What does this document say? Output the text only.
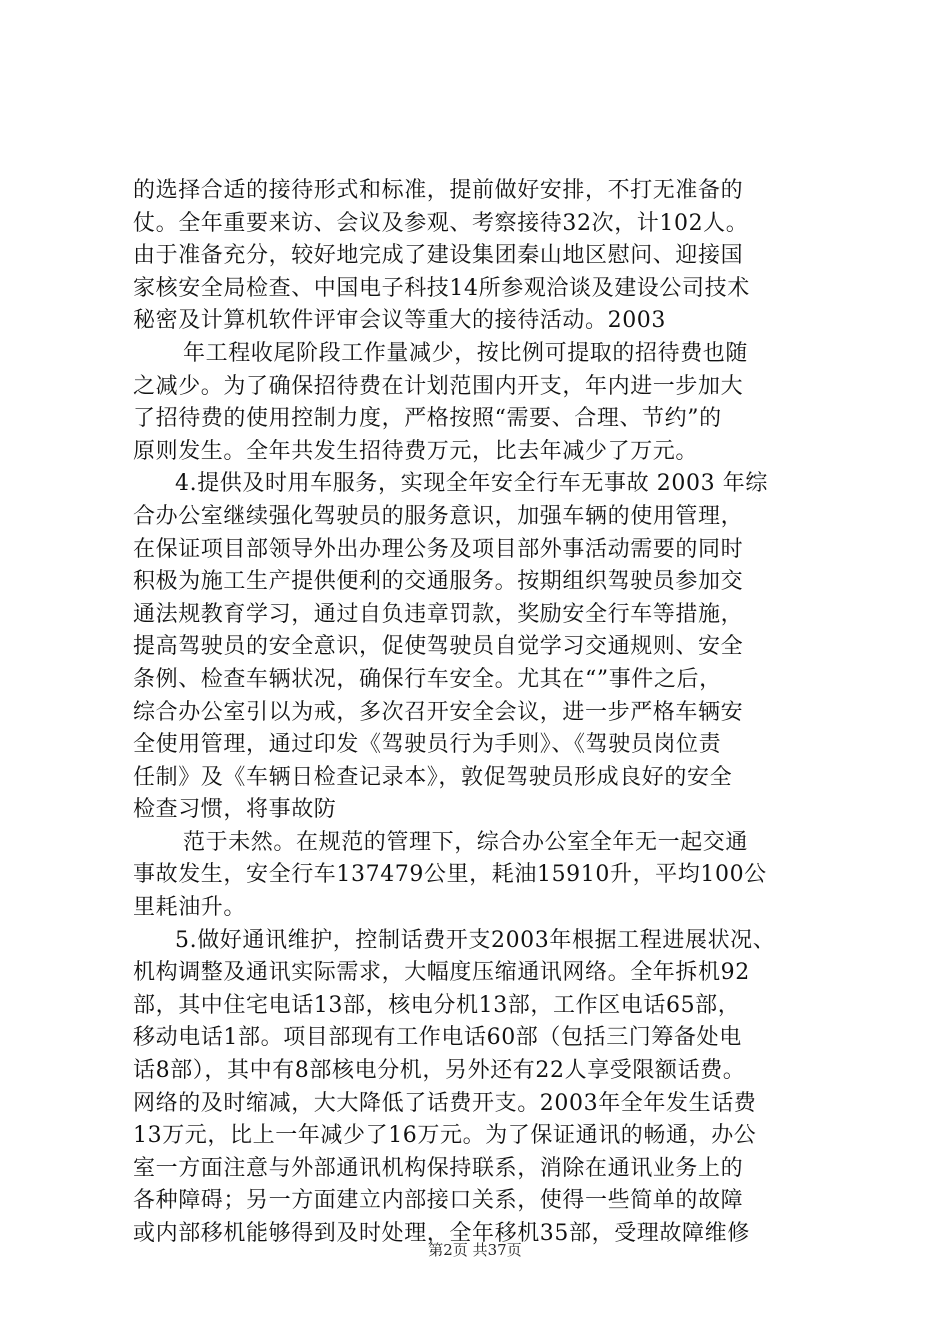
的选择合适的接待形式和标准，提前做好安排，不打无准备的
仗。全年重要来访、会议及参观、考察接待32次，计102人。
由于准备充分，较好地完成了建设集团秦山地区慰问、迎接国
家核安全局检查、中国电子科技14所参观洽谈及建设公司技术
秘密及计算机软件评审会议等重大的接待活动。2003
年工程收尾阶段工作量减少，按比例可提取的招待费也随
之减少。为了确保招待费在计划范围内开支，年内进一步加大
了招待费的使用控制力度，严格按照“需要、合理、节约”的
原则发生。全年共发生招待费万元，比去年减少了万元。
4.提供及时用车服务，实现全年安全行车无事故 2003 年综
合办公室继续强化驾驶员的服务意识，加强车辆的使用管理，
在保证项目部领导外出办理公务及项目部外事活动需要的同时
积极为施工生产提供便利的交通服务。按期组织驾驶员参加交
通法规教育学习，通过自负违章罚款，奖励安全行车等措施，
提高驾驶员的安全意识，促使驾驶员自觉学习交通规则、安全
条例、检查车辆状况，确保行车安全。尤其在“”事件之后，
综合办公室引以为戒，多次召开安全会议，进一步严格车辆安
全使用管理，通过印发《驾驶员行为手则》、《驾驶员岗位责
任制》及《车辆日检查记录本》，敦促驾驶员形成良好的安全
检查习惯，将事故防
范于未然。在规范的管理下，综合办公室全年无一起交通
事故发生，安全行车137479公里，耗油15910升，平均100公
里耗油升。
5.做好通讯维护，控制话费开支2003年根据工程进展状况、
机构调整及通讯实际需求，大幅度压缩通讯网络。全年拆机92
部，其中住宅电话13部，核电分机13部，工作区电话65部，
移动电话1部。项目部现有工作电话60部（包括三门筹备处电
话8部），其中有8部核电分机，另外还有22人享受限额话费。
网络的及时缩减，大大降低了话费开支。2003年全年发生话费
13万元，比上一年减少了16万元。为了保证通讯的畅通，办公
室一方面注意与外部通讯机构保持联系，消除在通讯业务上的
各种障碍；另一方面建立内部接口关系，使得一些简单的故障
或内部移机能够得到及时处理，全年移机35部，受理故障维修
第2页 共37页
